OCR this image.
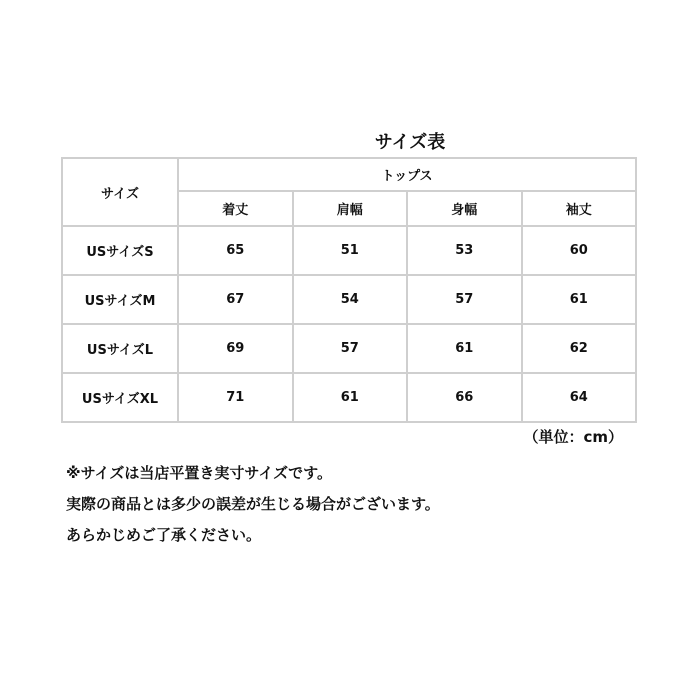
サイズ表
サイズ	トップス			
	着丈	肩幅	身幅	袖丈
USサイズS	65	51	53	60
USサイズM	67	54	57	61
USサイズL	69	57	61	62
USサイズXL	71	61	66	64
（単位：cm）
※サイズは当店平置き実寸サイズです。
実際の商品とは多少の誤差が生じる場合がございます。
あらかじめご了承ください。
